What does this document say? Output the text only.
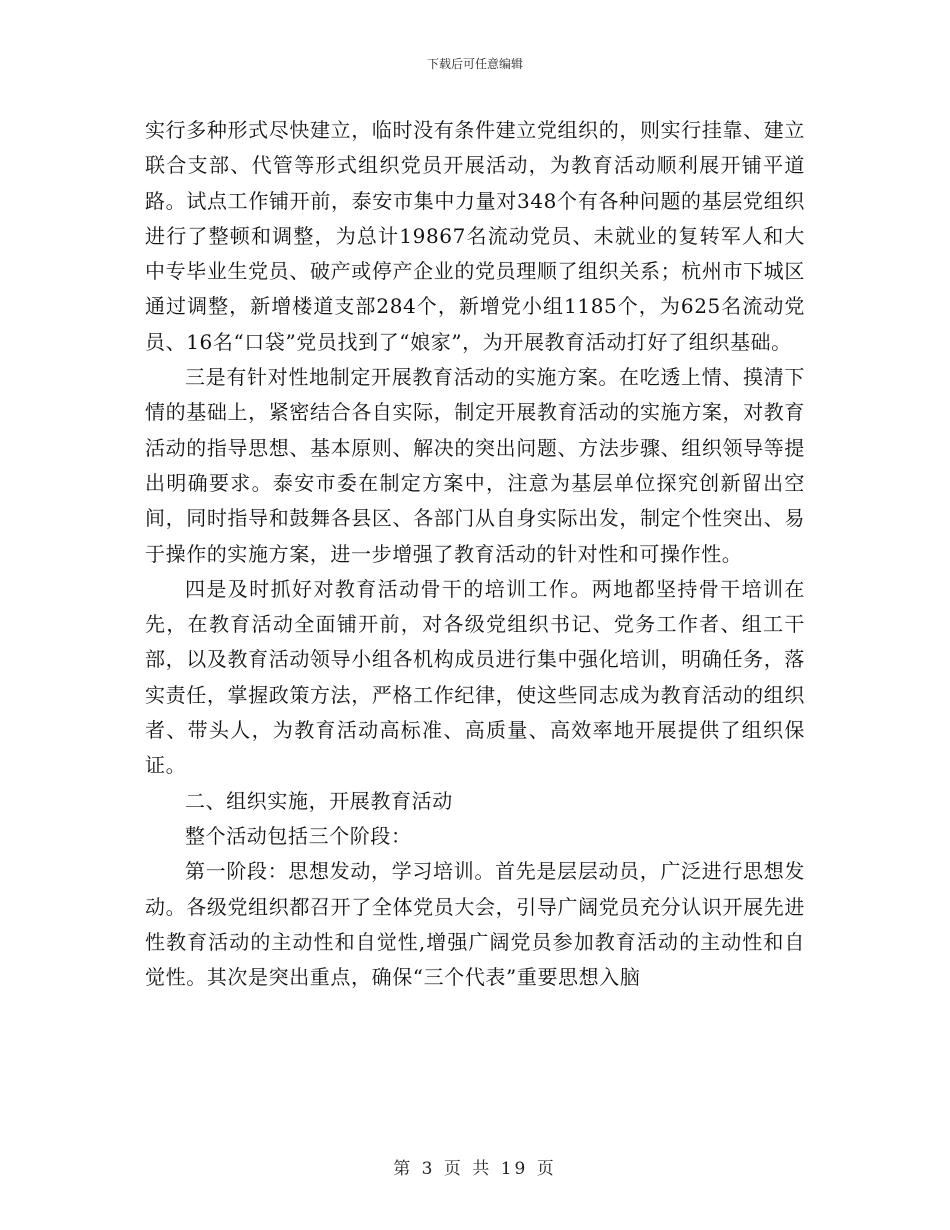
下载后可任意编辑

实行多种形式尽快建立，临时没有条件建立党组织的，则实行挂靠、建立联合支部、代管等形式组织党员开展活动，为教育活动顺利展开铺平道路。试点工作铺开前，泰安市集中力量对348个有各种问题的基层党组织进行了整顿和调整，为总计19867名流动党员、未就业的复转军人和大中专毕业生党员、破产或停产企业的党员理顺了组织关系；杭州市下城区通过调整，新增楼道支部284个，新增党小组1185个，为625名流动党员、16名“口袋”党员找到了“娘家”，为开展教育活动打好了组织基础。

三是有针对性地制定开展教育活动的实施方案。在吃透上情、摸清下情的基础上，紧密结合各自实际，制定开展教育活动的实施方案，对教育活动的指导思想、基本原则、解决的突出问题、方法步骤、组织领导等提出明确要求。泰安市委在制定方案中，注意为基层单位探究创新留出空间，同时指导和鼓舞各县区、各部门从自身实际出发，制定个性突出、易于操作的实施方案，进一步增强了教育活动的针对性和可操作性。

四是及时抓好对教育活动骨干的培训工作。两地都坚持骨干培训在先，在教育活动全面铺开前，对各级党组织书记、党务工作者、组工干部，以及教育活动领导小组各机构成员进行集中强化培训，明确任务，落实责任，掌握政策方法，严格工作纪律，使这些同志成为教育活动的组织者、带头人，为教育活动高标准、高质量、高效率地开展提供了组织保证。

二、组织实施，开展教育活动

整个活动包括三个阶段：

第一阶段：思想发动，学习培训。首先是层层动员，广泛进行思想发动。各级党组织都召开了全体党员大会，引导广阔党员充分认识开展先进性教育活动的主动性和自觉性,增强广阔党员参加教育活动的主动性和自觉性。其次是突出重点，确保“三个代表”重要思想入脑

第 3 页 共 19 页
